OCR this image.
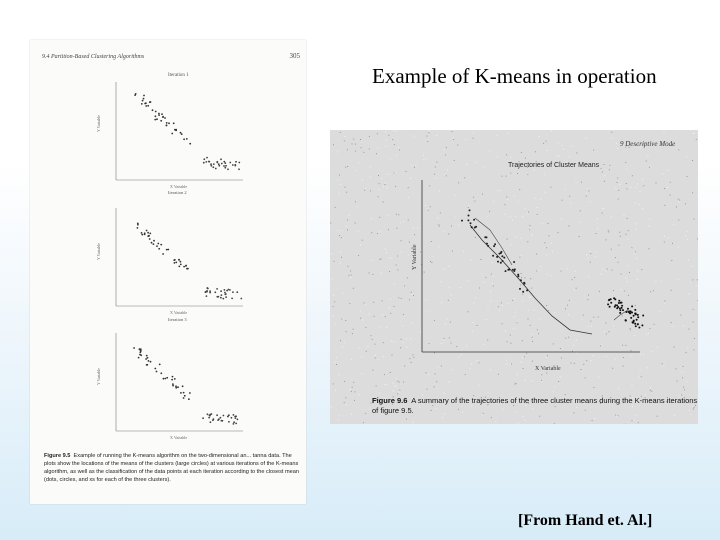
Example of K-means in operation
9.4 Partition-Based Clustering Algorithms	305
Iteration 1
Y Variable
X Variable
Iteration 2
Y Variable
X Variable
Iteration 3
Y Variable
X Variable
Figure 9.5 Example of running the K-means algorithm on the two-dimensional an... tanna data. The plots show the locations of the means of the clusters (large circles) at various iterations of the K-means algorithm, as well as the classification of the data points at each iteration according to the closest mean (dots, circles, and xs for each of the three clusters).
9 Descriptive Mode
Trajectories of Cluster Means
Y Variable
X Variable
Figure 9.6 A summary of the trajectories of the three cluster means during the K-means iterations of figure 9.5.
[From Hand et. Al.]
